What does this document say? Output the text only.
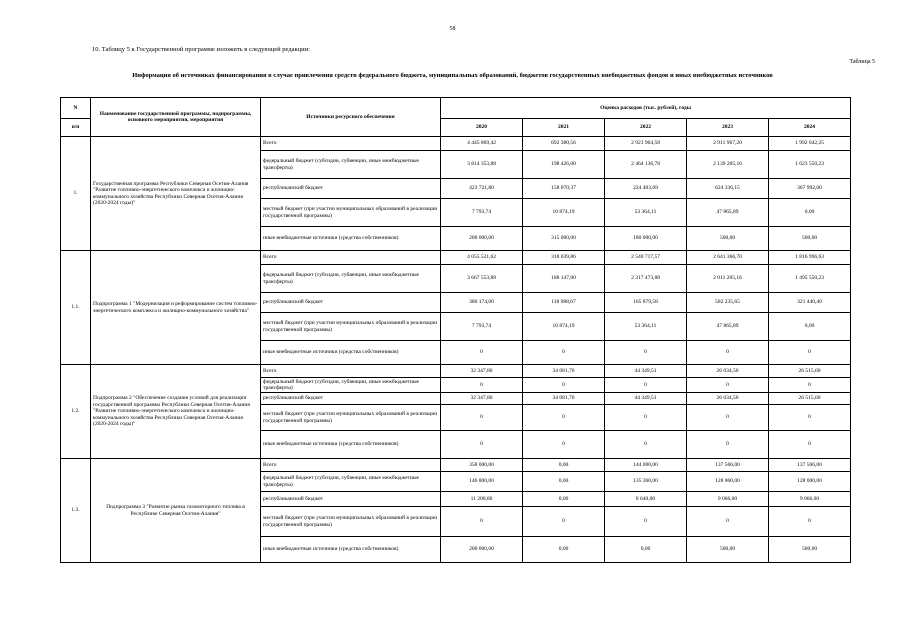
58
10. Таблицу 5 к Государственной программе изложить в следующей редакции:
Таблица 5
Информация об источниках финансирования в случае привлечения средств федерального бюджета, муниципальных образований, бюджетов государственных внебюджетных фондов и иных внебюджетных источников
N	Наименование государственной программы, подпрограммы, основного мероприятия, мероприятия	Источники ресурсного обеспечения	Оценка расходов (тыс. рублей), годы				
п/п			2020	2021	2022	2023	2024
1.	Государственная программа Республики Северная Осетия-Алания "Развитие топливно-энергетического комплекса и жилищно-коммунального хозяйства Республики Северная Осетия-Алания (2020-2024 годы)"	Всего	4 445 869,42	692 380,56	2 921 904,58	2 911 967,20	1 992 042,25
		федеральный бюджет (субсидии, субвенции, иные межбюджетные трансферты)	3 814 353,88	198 426,00	2 464 136,78	2 139 205,16	1 623 550,23
		республиканский бюджет	423 721,80	158 070,37	224 403,69	624 336,15	367 992,00
		местный бюджет (при участии муниципальных образований в реализации государственной программы)	7 793,74	10 874,19	53 364,11	47 865,89	0,00
		иные внебюджетные источники (средства собственников)	200 000,00	315 000,00	180 000,00	500,00	500,00
1.1.	Подпрограмма 1 "Модернизация и реформирование систем топливно-энергетического комплекса и жилищно-коммунального хозяйства"	Всего	4 055 521,62	318 039,86	2 540 717,57	2 641 366,70	1 816 996,63
		федеральный бюджет (субсидии, субвенции, иные межбюджетные трансферты)	3 667 553,88	188 147,00	2 317 473,88	2 011 265,16	1 495 550,23
		республиканский бюджет	380 174,00	118 988,67	165 879,58	582 235,65	321 440,40
		местный бюджет (при участии муниципальных образований в реализации государственной программы)	7 793,74	10 874,19	53 364,11	47 865,89	0,00
		иные внебюджетные источники (средства собственников)	0	0	0	0	0
1.2.	Подпрограмма 2 "Обеспечение создания условий для реализации государственной программы Республики Северная Осетия-Алания "Развитие топливно-энергетического комплекса и жилищно-коммунального хозяйства Республики Северная Осетия-Алания (2020-2024 годы)"	Всего	32 347,80	34 081,70	44 349,51	26 034,50	26 515,60
		федеральный бюджет (субсидии, субвенции, иные межбюджетные трансферты)	0	0	0	0	0
		республиканский бюджет	32 347,80	34 081,70	44 349,51	26 034,50	26 515,60
		местный бюджет (при участии муниципальных образований в реализации государственной программы)	0	0	0	0	0
		иные внебюджетные источники (средства собственников)	0	0	0	0	0
1.3.	Подпрограмма 3 "Развитие рынка газомоторного топлива в Республике Северная Осетия-Алания"	Всего	358 000,00	0,00	144 000,00	137 566,00	137 566,00
		федеральный бюджет (субсидии, субвенции, иные межбюджетные трансферты)	146 800,00	0,00	135 360,00	128 000,00	128 000,00
		республиканский бюджет	11 200,00	0,00	8 640,00	9 066,00	9 066,00
		местный бюджет (при участии муниципальных образований в реализации государственной программы)	0	0	0	0	0
		иные внебюджетные источники (средства собственников)	200 000,00	0,00	0,00	500,00	500,00
